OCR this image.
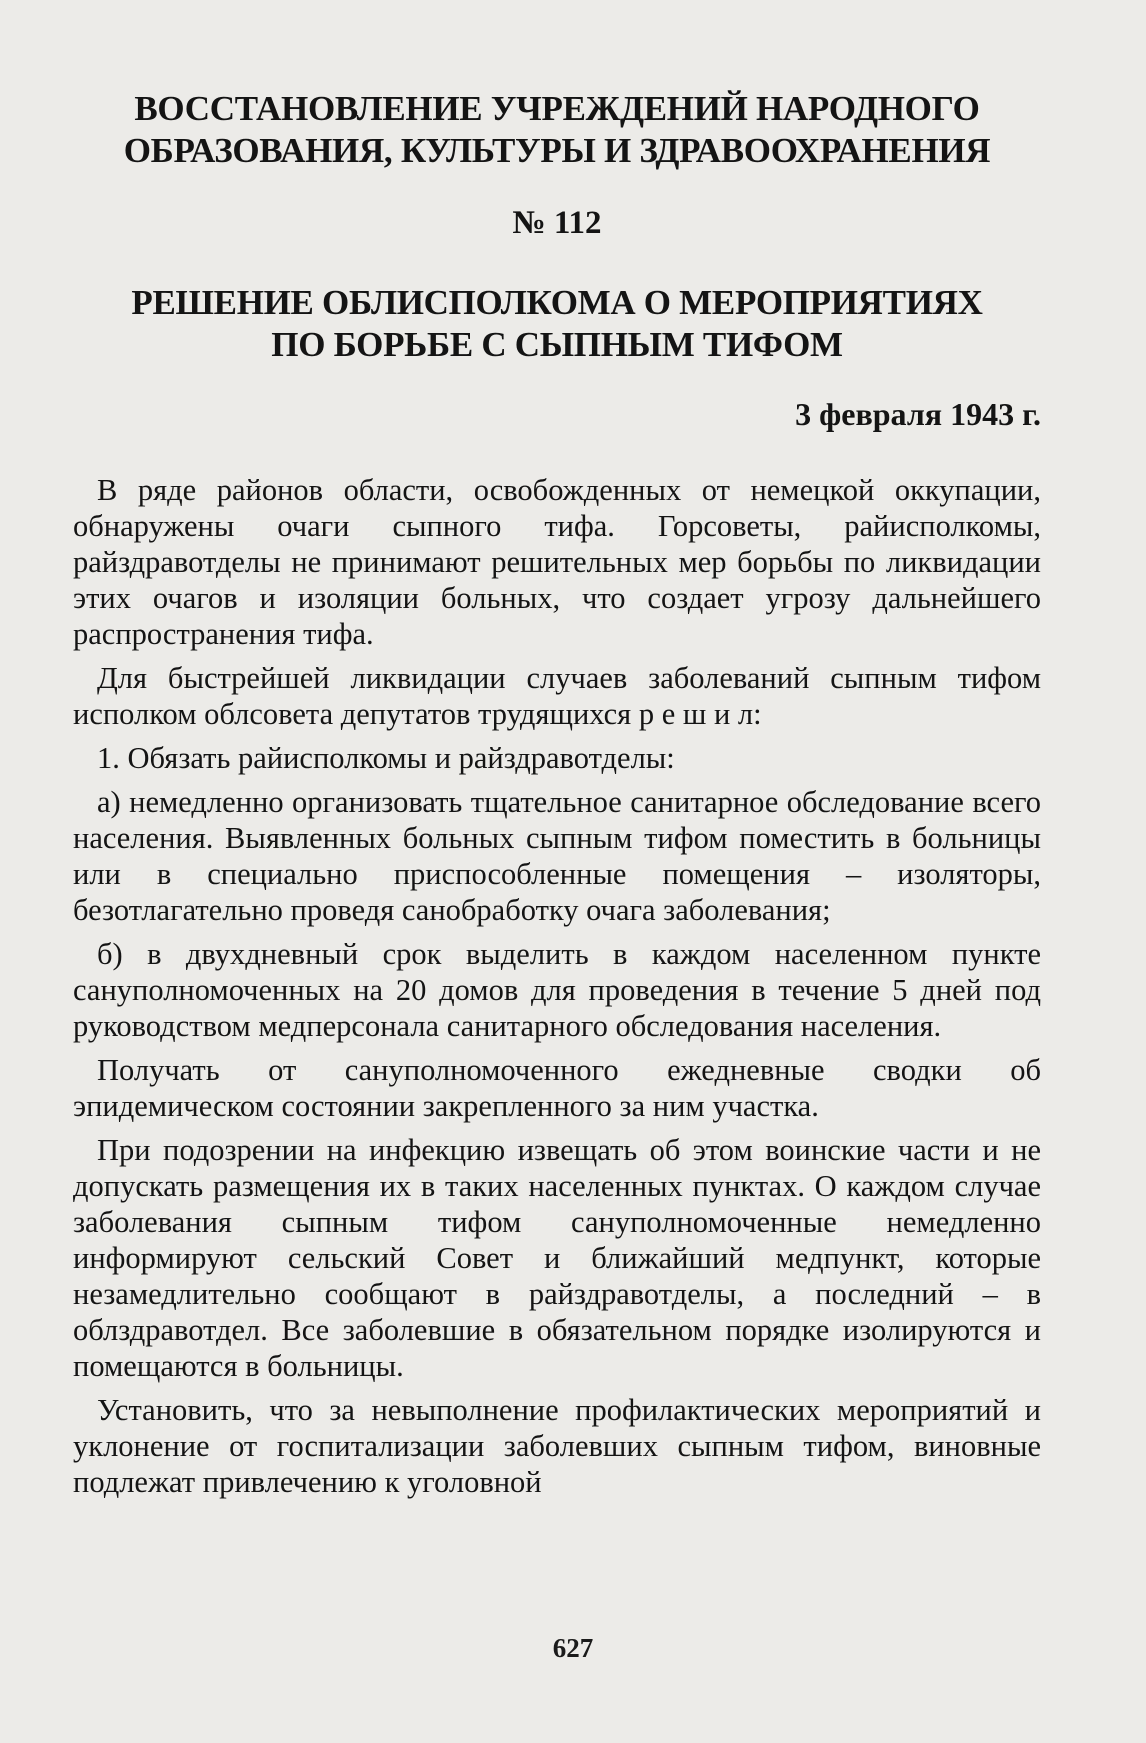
ВОССТАНОВЛЕНИЕ УЧРЕЖДЕНИЙ НАРОДНОГО
ОБРАЗОВАНИЯ, КУЛЬТУРЫ И ЗДРАВООХРАНЕНИЯ
№ 112
РЕШЕНИЕ ОБЛИСПОЛКОМА О МЕРОПРИЯТИЯХ
ПО БОРЬБЕ С СЫПНЫМ ТИФОМ
3 февраля 1943 г.

В ряде районов области, освобожденных от немецкой оккупации, обнаружены очаги сыпного тифа. Горсоветы, райисполкомы, райздравотделы не принимают решительных мер борьбы по ликвидации этих очагов и изоляции больных, что создает угрозу дальнейшего распространения тифа.

Для быстрейшей ликвидации случаев заболеваний сыпным тифом исполком облсовета депутатов трудящихся р е ш и л:

1. Обязать райисполкомы и райздравотделы:

а) немедленно организовать тщательное санитарное обследование всего населения. Выявленных больных сыпным тифом поместить в больницы или в специально приспособленные помещения – изоляторы, безотлагательно проведя санобработку очага заболевания;

б) в двухдневный срок выделить в каждом населенном пункте сануполномоченных на 20 домов для проведения в течение 5 дней под руководством медперсонала санитарного обследования населения.

Получать от сануполномоченного ежедневные сводки об эпидемическом состоянии закрепленного за ним участка.

При подозрении на инфекцию извещать об этом воинские части и не допускать размещения их в таких населенных пунктах. О каждом случае заболевания сыпным тифом сануполномоченные немедленно информируют сельский Совет и ближайший медпункт, которые незамедлительно сообщают в райздравотделы, а последний – в облздравотдел. Все заболевшие в обязательном порядке изолируются и помещаются в больницы.

Установить, что за невыполнение профилактических мероприятий и уклонение от госпитализации заболевших сыпным тифом, виновные подлежат привлечению к уголовной

627
